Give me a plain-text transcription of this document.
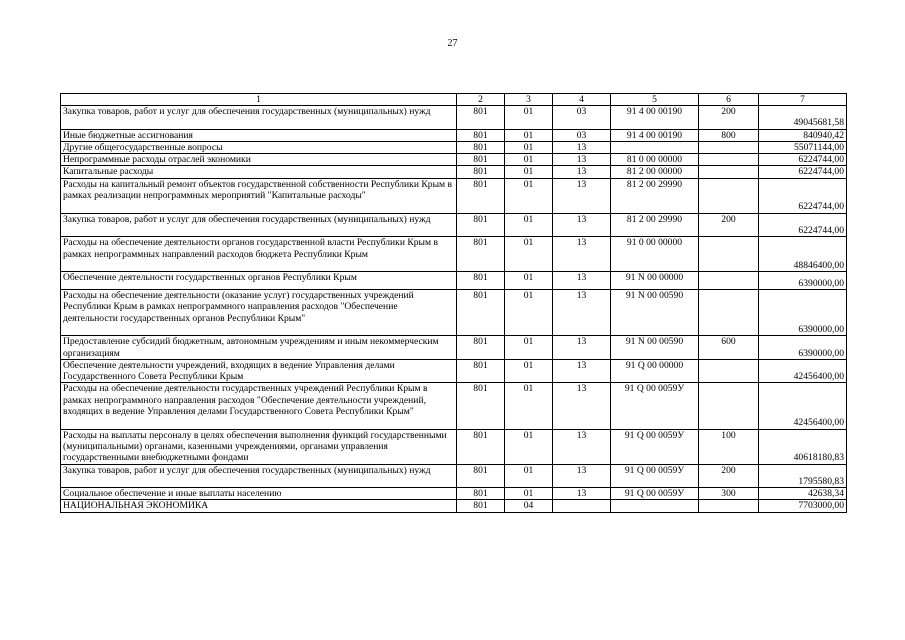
27
1	2	3	4	5	6	7
Закупка товаров, работ и услуг для обеспечения государственных (муниципальных) нужд	801	01	03	91 4 00 00190	200	49045681,58
Иные бюджетные ассигнования	801	01	03	91 4 00 00190	800	840940,42
Другие общегосударственные вопросы	801	01	13			55071144,00
Непрограммные расходы отраслей экономики	801	01	13	81 0 00 00000		6224744,00
Капитальные расходы	801	01	13	81 2 00 00000		6224744,00
Расходы на капитальный ремонт объектов государственной собственности Республики Крым в рамках реализации непрограммных мероприятий "Капитальные расходы"	801	01	13	81 2 00 29990		6224744,00
Закупка товаров, работ и услуг для обеспечения государственных (муниципальных) нужд	801	01	13	81 2 00 29990	200	6224744,00
Расходы на обеспечение деятельности органов государственной власти Республики Крым в рамках непрограммных направлений расходов бюджета Республики Крым	801	01	13	91 0 00 00000		48846400,00
Обеспечение деятельности государственных органов Республики Крым	801	01	13	91 N 00 00000		6390000,00
Расходы на обеспечение деятельности (оказание услуг) государственных учреждений Республики Крым в рамках непрограммного направления расходов "Обеспечение деятельности государственных органов Республики Крым"	801	01	13	91 N 00 00590		6390000,00
Предоставление субсидий бюджетным, автономным учреждениям и иным некоммерческим организациям	801	01	13	91 N 00 00590	600	6390000,00
Обеспечение деятельности учреждений, входящих в ведение Управления делами Государственного Совета Республики Крым	801	01	13	91 Q 00 00000		42456400,00
Расходы на обеспечение деятельности государственных учреждений Республики Крым в рамках непрограммного направления расходов "Обеспечение деятельности учреждений, входящих в ведение Управления делами Государственного Совета Республики Крым"	801	01	13	91 Q 00 0059У		42456400,00
Расходы на выплаты персоналу в целях обеспечения выполнения функций государственными (муниципальными) органами, казенными учреждениями, органами управления государственными внебюджетными фондами	801	01	13	91 Q 00 0059У	100	40618180,83
Закупка товаров, работ и услуг для обеспечения государственных (муниципальных) нужд	801	01	13	91 Q 00 0059У	200	1795580,83
Социальное обеспечение и иные выплаты населению	801	01	13	91 Q 00 0059У	300	42638,34
НАЦИОНАЛЬНАЯ ЭКОНОМИКА	801	04				7703000,00
